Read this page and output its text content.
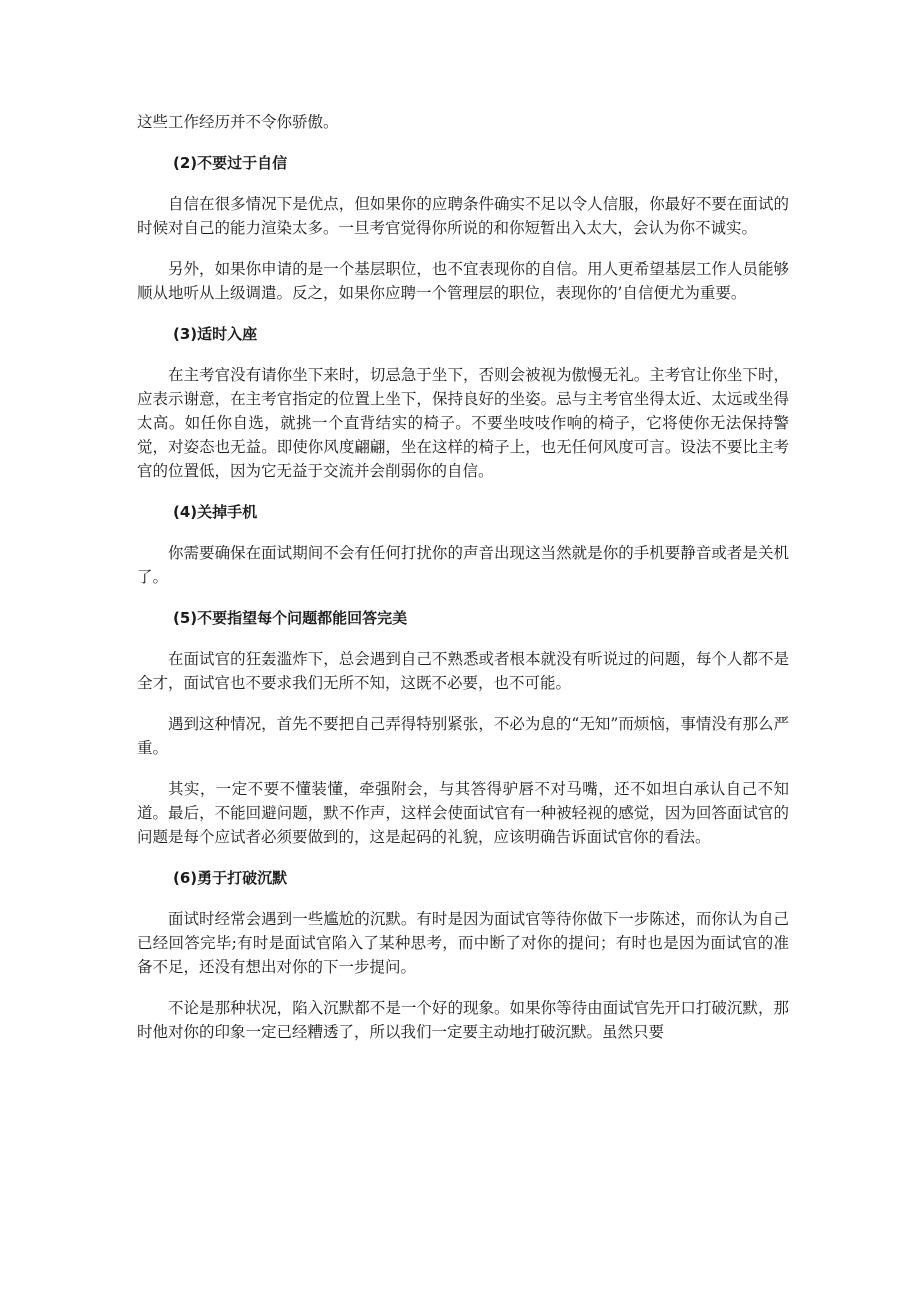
这些工作经历并不令你骄傲。

(2)不要过于自信

自信在很多情况下是优点，但如果你的应聘条件确实不足以令人信服，你最好不要在面试的时候对自己的能力渲染太多。一旦考官觉得你所说的和你短暂出入太大，会认为你不诚实。

另外，如果你申请的是一个基层职位，也不宜表现你的自信。用人更希望基层工作人员能够顺从地听从上级调遣。反之，如果你应聘一个管理层的职位，表现你的’自信便尤为重要。

(3)适时入座

在主考官没有请你坐下来时，切忌急于坐下，否则会被视为傲慢无礼。主考官让你坐下时，应表示谢意，在主考官指定的位置上坐下，保持良好的坐姿。忌与主考官坐得太近、太远或坐得太高。如任你自选，就挑一个直背结实的椅子。不要坐吱吱作响的椅子，它将使你无法保持警觉，对姿态也无益。即使你风度翩翩，坐在这样的椅子上，也无任何风度可言。设法不要比主考官的位置低，因为它无益于交流并会削弱你的自信。

(4)关掉手机

你需要确保在面试期间不会有任何打扰你的声音出现这当然就是你的手机要静音或者是关机了。

(5)不要指望每个问题都能回答完美

在面试官的狂轰滥炸下，总会遇到自己不熟悉或者根本就没有听说过的问题，每个人都不是全才，面试官也不要求我们无所不知，这既不必要，也不可能。

遇到这种情况，首先不要把自己弄得特别紧张，不必为息的“无知”而烦恼，事情没有那么严重。

其实，一定不要不懂装懂，牵强附会，与其答得驴唇不对马嘴，还不如坦白承认自己不知道。最后，不能回避问题，默不作声，这样会使面试官有一种被轻视的感觉，因为回答面试官的问题是每个应试者必须要做到的，这是起码的礼貌，应该明确告诉面试官你的看法。

(6)勇于打破沉默

面试时经常会遇到一些尴尬的沉默。有时是因为面试官等待你做下一步陈述，而你认为自己已经回答完毕;有时是面试官陷入了某种思考，而中断了对你的提问；有时也是因为面试官的准备不足，还没有想出对你的下一步提问。

不论是那种状况，陷入沉默都不是一个好的现象。如果你等待由面试官先开口打破沉默，那时他对你的印象一定已经糟透了，所以我们一定要主动地打破沉默。虽然只要
